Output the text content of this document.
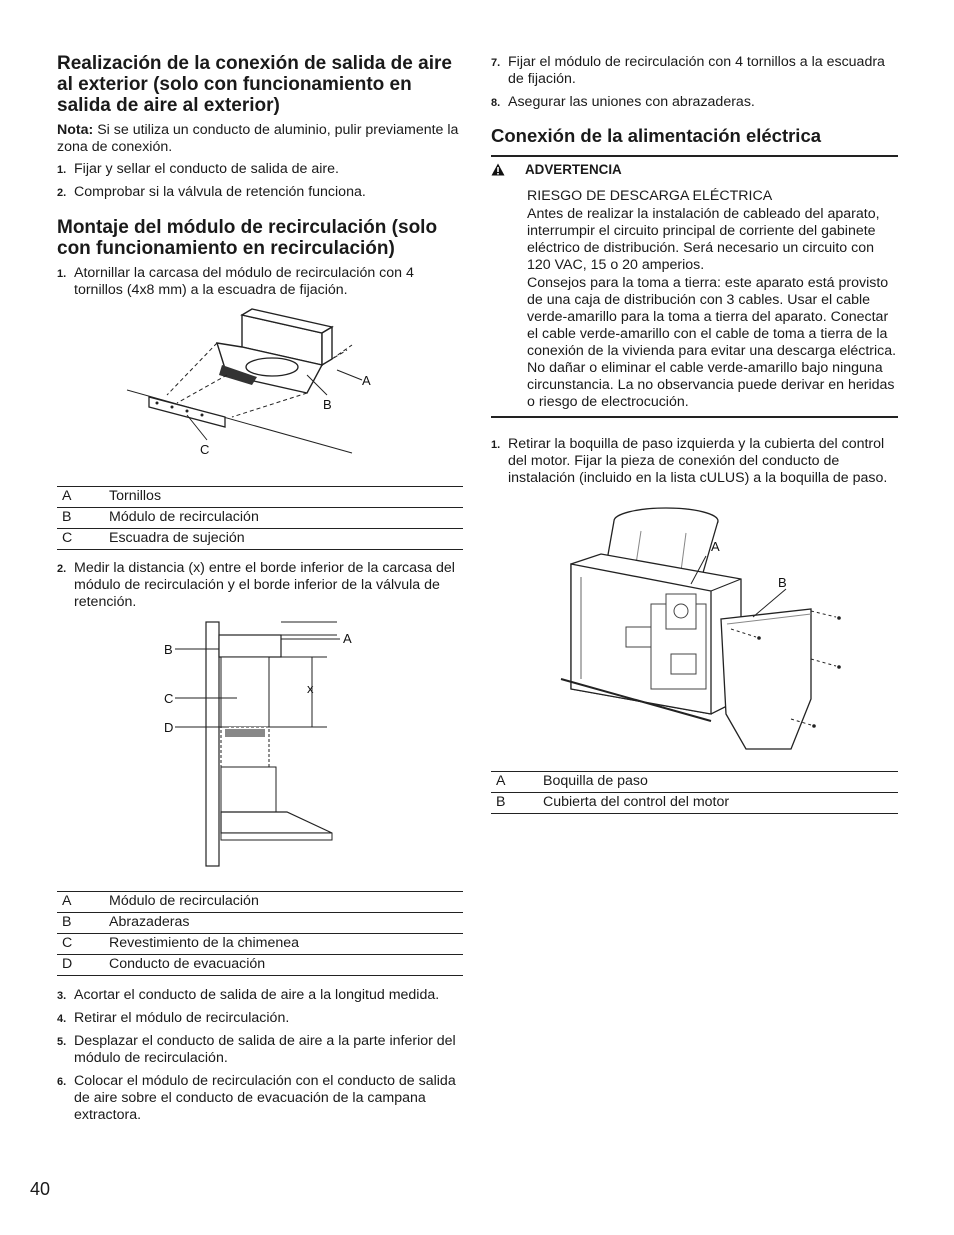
Realización de la conexión de salida de aire al exterior (solo con funcionamiento en salida de aire al exterior)

Nota: Si se utiliza un conducto de aluminio, pulir previamente la zona de conexión.

1. Fijar y sellar el conducto de salida de aire.
2. Comprobar si la válvula de retención funciona.
Montaje del módulo de recirculación (solo con funcionamiento en recirculación)
1. Atornillar la carcasa del módulo de recirculación con 4 tornillos (4x8 mm) a la escuadra de fijación.
A
B
C
A	Tornillos
B	Módulo de recirculación
C	Escuadra de sujeción
2. Medir la distancia (x) entre el borde inferior de la carcasa del módulo de recirculación y el borde inferior de la válvula de retención.
A
B
C
D
x
A	Módulo de recirculación
B	Abrazaderas
C	Revestimiento de la chimenea
D	Conducto de evacuación
3. Acortar el conducto de salida de aire a la longitud medida.
4. Retirar el módulo de recirculación.
5. Desplazar el conducto de salida de aire a la parte inferior del módulo de recirculación.
6. Colocar el módulo de recirculación con el conducto de salida de aire sobre el conducto de evacuación de la campana extractora.
7. Fijar el módulo de recirculación con 4 tornillos a la escuadra de fijación.
8. Asegurar las uniones con abrazaderas.
Conexión de la alimentación eléctrica
ADVERTENCIA

RIESGO DE DESCARGA ELÉCTRICA

Antes de realizar la instalación de cableado del aparato, interrumpir el circuito principal de corriente del gabinete eléctrico de distribución. Será necesario un circuito con 120 VAC, 15 o 20 amperios.

Consejos para la toma a tierra: este aparato está provisto de una caja de distribución con 3 cables. Usar el cable verde-amarillo para la toma a tierra del aparato. Conectar el cable verde-amarillo con el cable de toma a tierra de la conexión de la vivienda para evitar una descarga eléctrica. No dañar o eliminar el cable verde-amarillo bajo ninguna circunstancia. La no observancia puede derivar en heridas o riesgo de electrocución.

1. Retirar la boquilla de paso izquierda y la cubierta del control del motor. Fijar la pieza de conexión del conducto de instalación (incluido en la lista cULUS) a la boquilla de paso.
A
B
A	Boquilla de paso
B	Cubierta del control del motor
40
